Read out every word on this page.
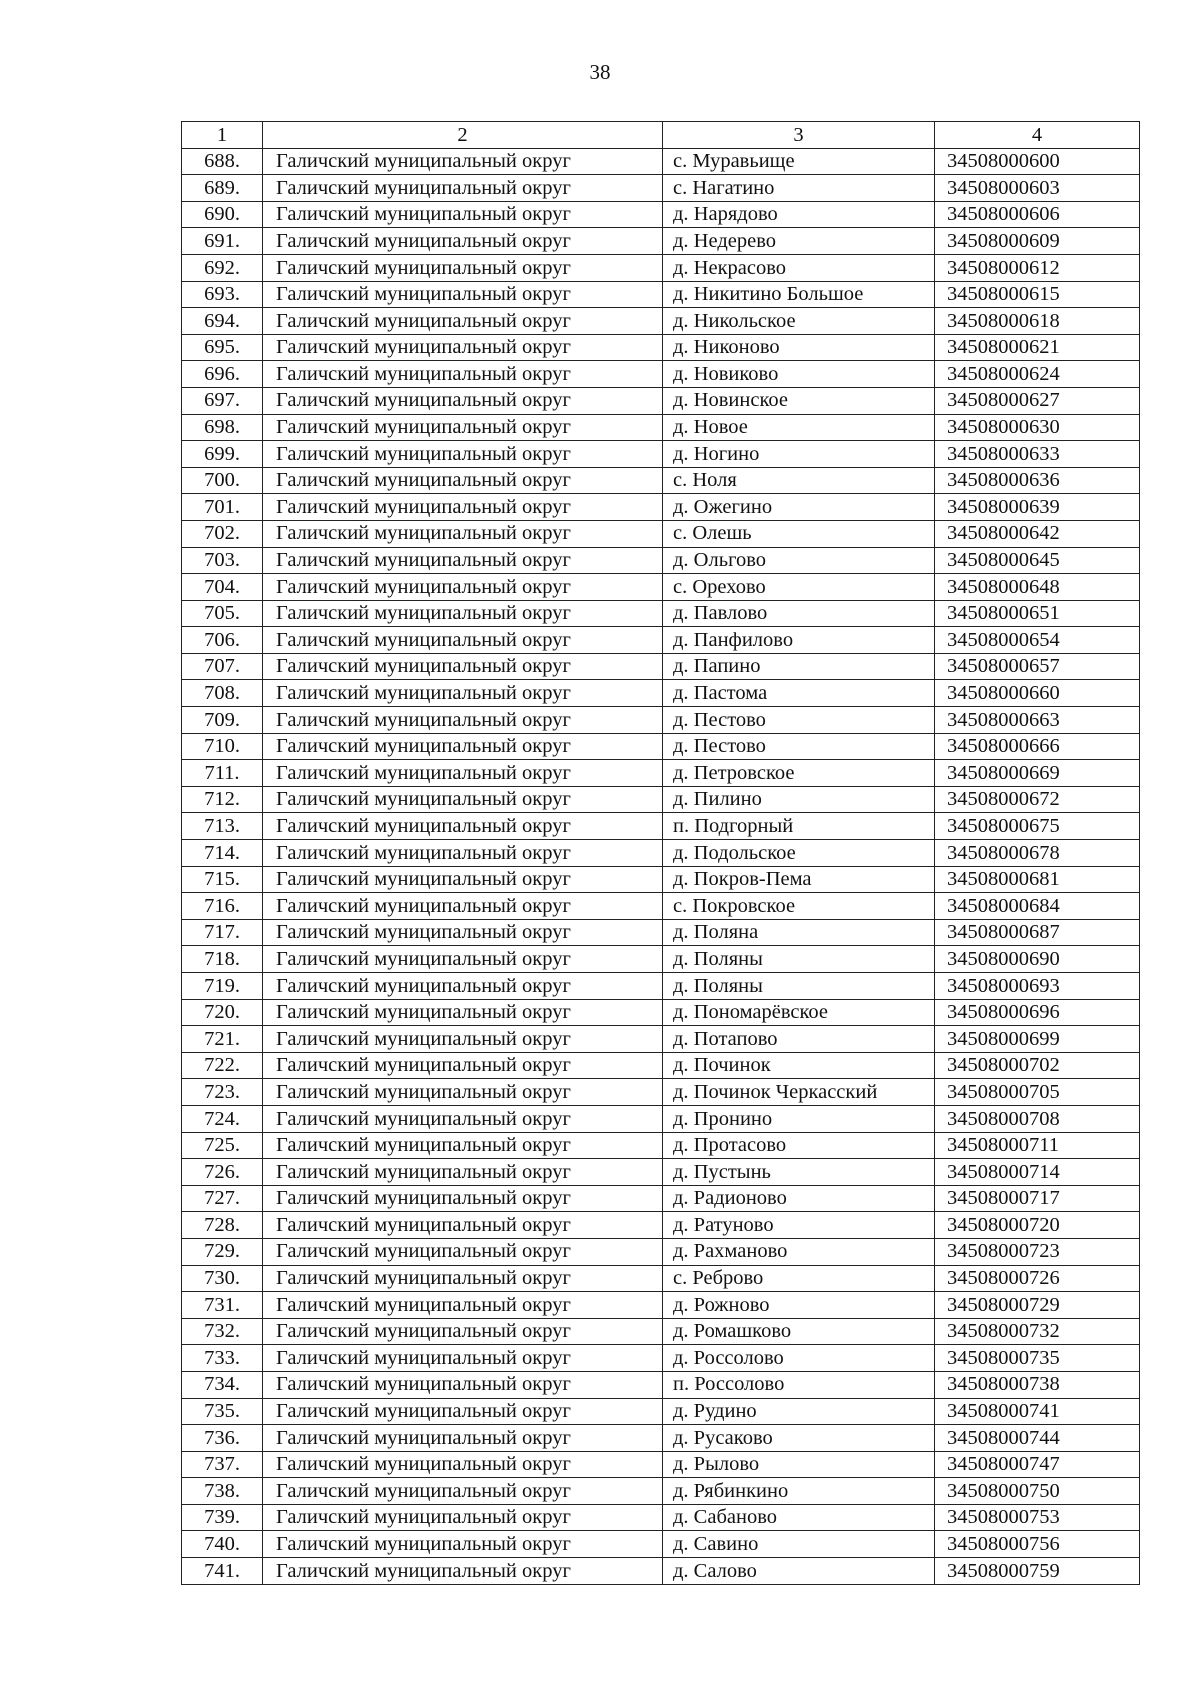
38
1	2	3	4
688.	Галичский муниципальный округ	с. Муравьище	34508000600
689.	Галичский муниципальный округ	с. Нагатино	34508000603
690.	Галичский муниципальный округ	д. Нарядово	34508000606
691.	Галичский муниципальный округ	д. Недерево	34508000609
692.	Галичский муниципальный округ	д. Некрасово	34508000612
693.	Галичский муниципальный округ	д. Никитино Большое	34508000615
694.	Галичский муниципальный округ	д. Никольское	34508000618
695.	Галичский муниципальный округ	д. Никоново	34508000621
696.	Галичский муниципальный округ	д. Новиково	34508000624
697.	Галичский муниципальный округ	д. Новинское	34508000627
698.	Галичский муниципальный округ	д. Новое	34508000630
699.	Галичский муниципальный округ	д. Ногино	34508000633
700.	Галичский муниципальный округ	с. Ноля	34508000636
701.	Галичский муниципальный округ	д. Ожегино	34508000639
702.	Галичский муниципальный округ	с. Олешь	34508000642
703.	Галичский муниципальный округ	д. Ольгово	34508000645
704.	Галичский муниципальный округ	с. Орехово	34508000648
705.	Галичский муниципальный округ	д. Павлово	34508000651
706.	Галичский муниципальный округ	д. Панфилово	34508000654
707.	Галичский муниципальный округ	д. Папино	34508000657
708.	Галичский муниципальный округ	д. Пастома	34508000660
709.	Галичский муниципальный округ	д. Пестово	34508000663
710.	Галичский муниципальный округ	д. Пестово	34508000666
711.	Галичский муниципальный округ	д. Петровское	34508000669
712.	Галичский муниципальный округ	д. Пилино	34508000672
713.	Галичский муниципальный округ	п. Подгорный	34508000675
714.	Галичский муниципальный округ	д. Подольское	34508000678
715.	Галичский муниципальный округ	д. Покров-Пема	34508000681
716.	Галичский муниципальный округ	с. Покровское	34508000684
717.	Галичский муниципальный округ	д. Поляна	34508000687
718.	Галичский муниципальный округ	д. Поляны	34508000690
719.	Галичский муниципальный округ	д. Поляны	34508000693
720.	Галичский муниципальный округ	д. Пономарёвское	34508000696
721.	Галичский муниципальный округ	д. Потапово	34508000699
722.	Галичский муниципальный округ	д. Починок	34508000702
723.	Галичский муниципальный округ	д. Починок Черкасский	34508000705
724.	Галичский муниципальный округ	д. Пронино	34508000708
725.	Галичский муниципальный округ	д. Протасово	34508000711
726.	Галичский муниципальный округ	д. Пустынь	34508000714
727.	Галичский муниципальный округ	д. Радионово	34508000717
728.	Галичский муниципальный округ	д. Ратуново	34508000720
729.	Галичский муниципальный округ	д. Рахманово	34508000723
730.	Галичский муниципальный округ	с. Реброво	34508000726
731.	Галичский муниципальный округ	д. Рожново	34508000729
732.	Галичский муниципальный округ	д. Ромашково	34508000732
733.	Галичский муниципальный округ	д. Россолово	34508000735
734.	Галичский муниципальный округ	п. Россолово	34508000738
735.	Галичский муниципальный округ	д. Рудино	34508000741
736.	Галичский муниципальный округ	д. Русаково	34508000744
737.	Галичский муниципальный округ	д. Рылово	34508000747
738.	Галичский муниципальный округ	д. Рябинкино	34508000750
739.	Галичский муниципальный округ	д. Сабаново	34508000753
740.	Галичский муниципальный округ	д. Савино	34508000756
741.	Галичский муниципальный округ	д. Салово	34508000759
